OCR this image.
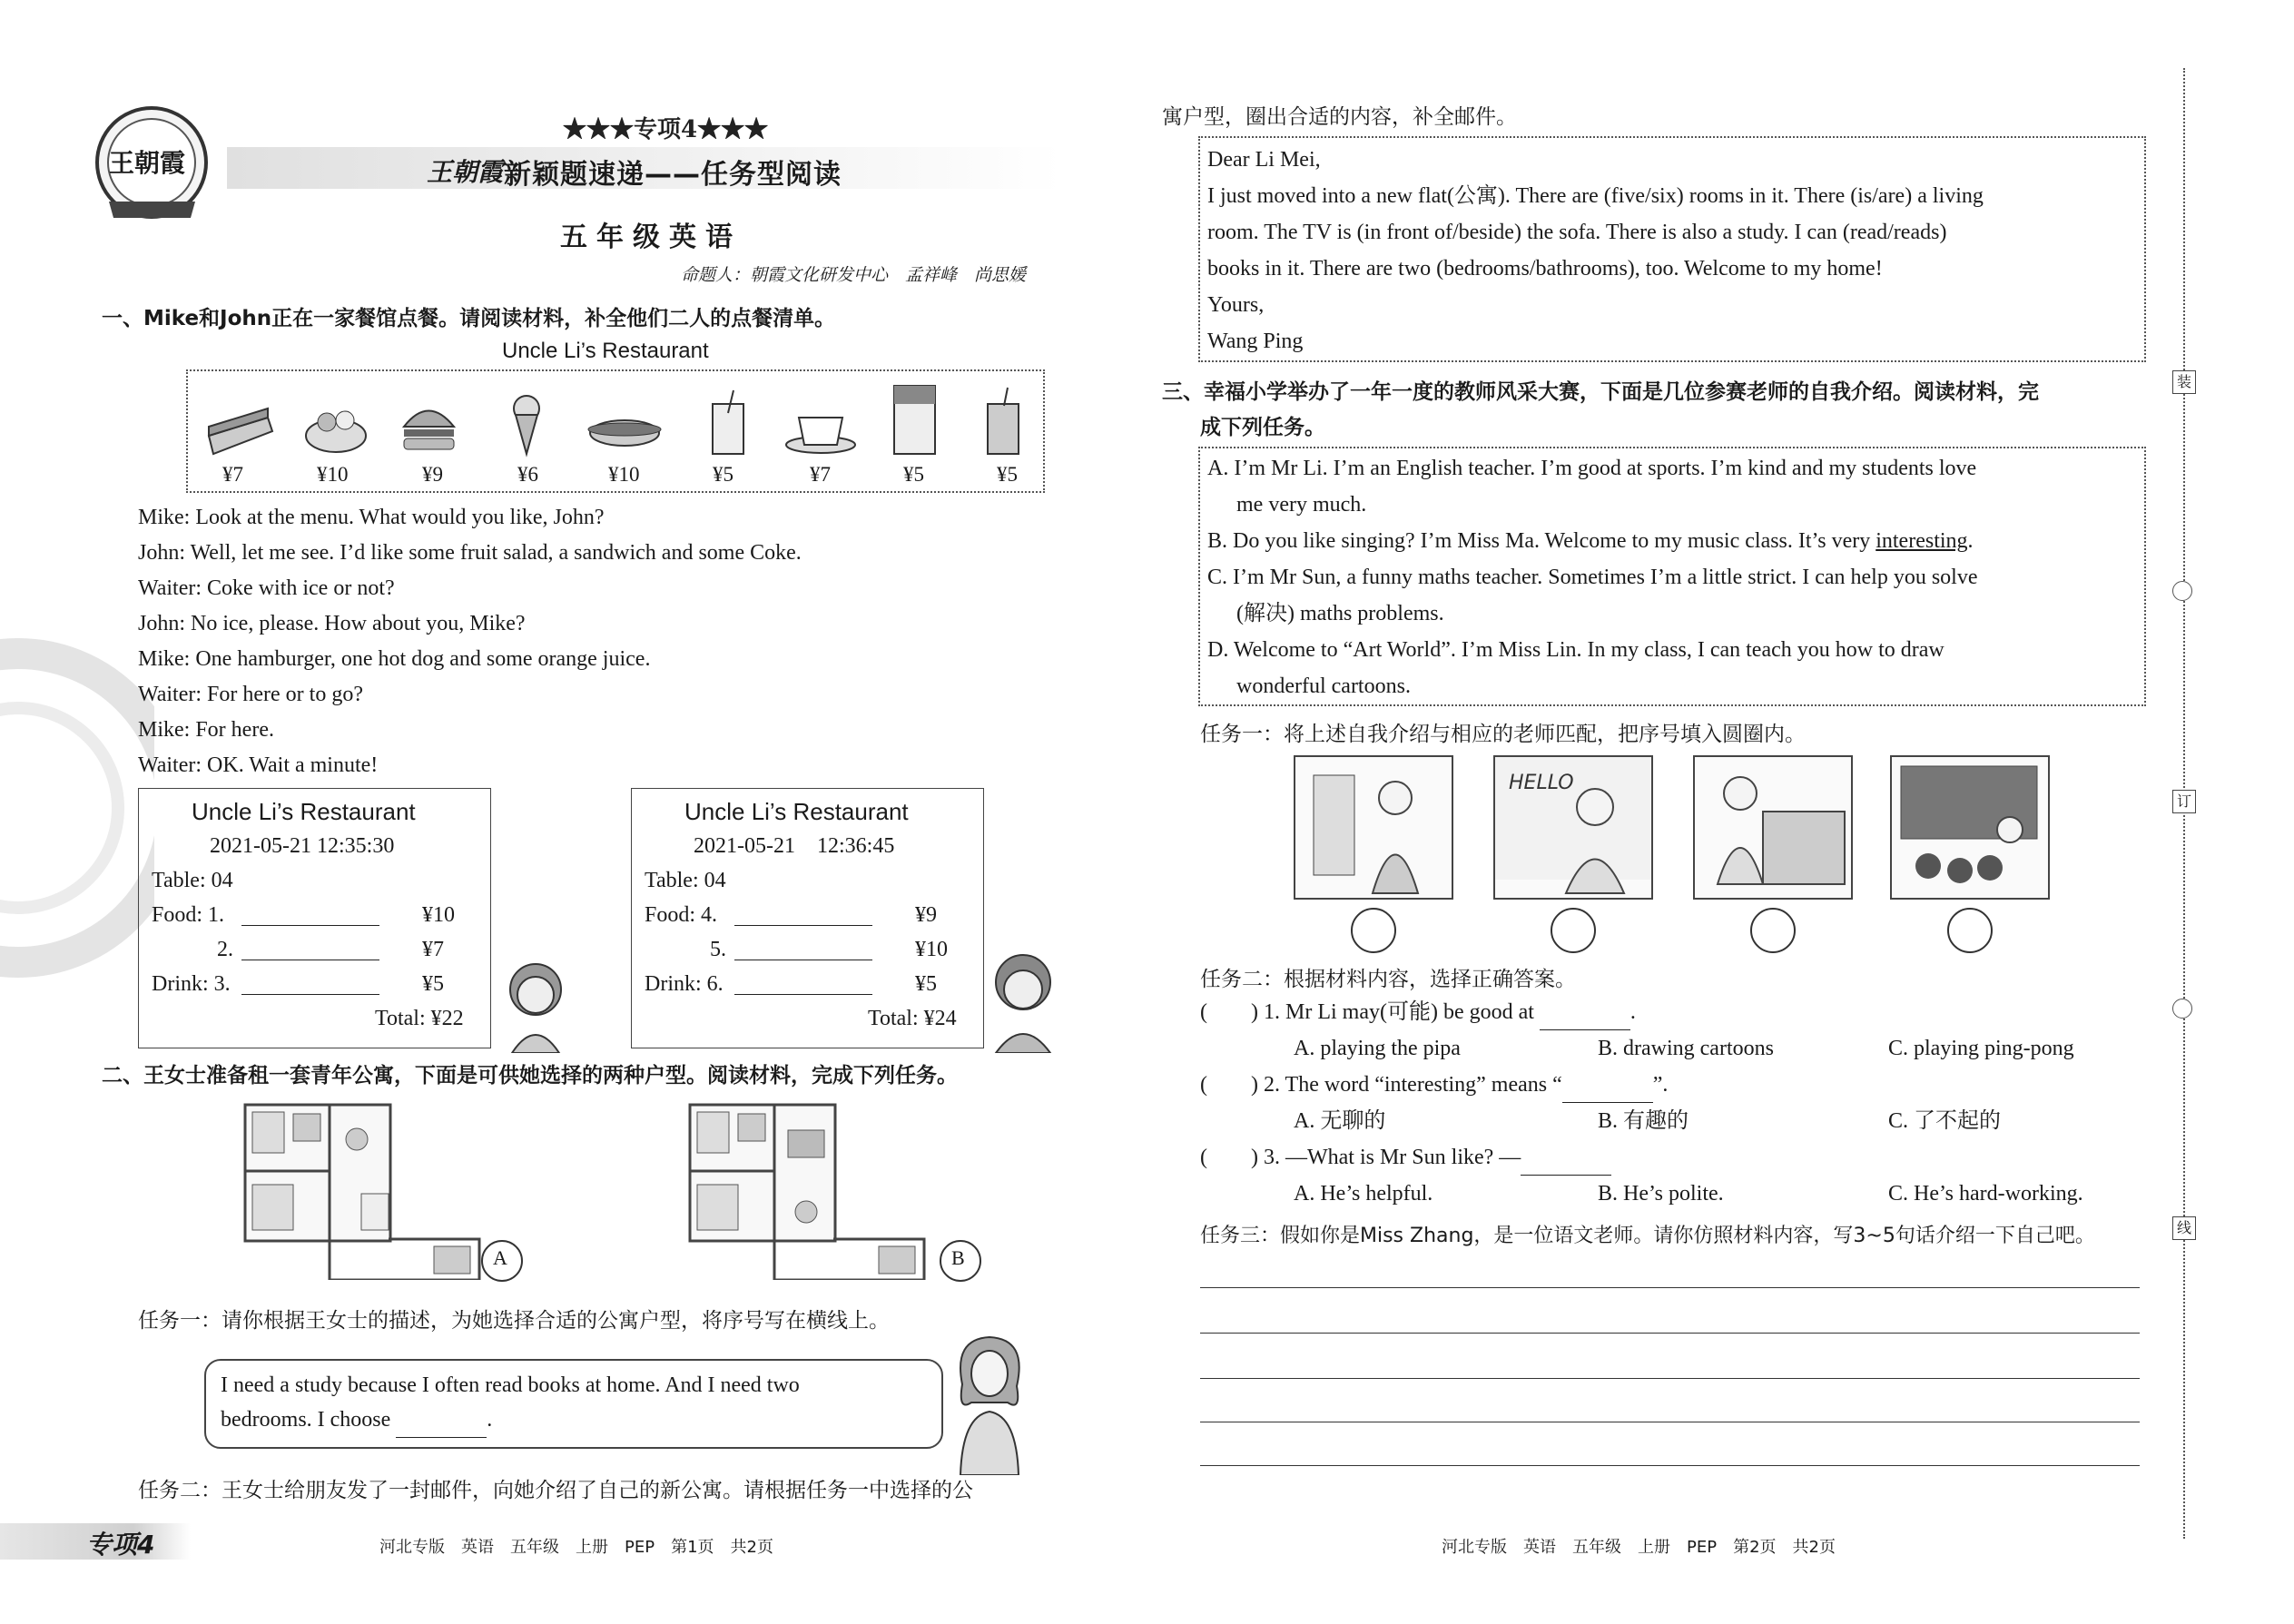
王朝霞
★★★专项4★★★
王朝霞 新颖题速递——任务型阅读
五年级英语
命题人：朝霞文化研发中心　孟祥峰　尚思媛
一、Mike和John正在一家餐馆点餐。请阅读材料，补全他们二人的点餐清单。
Uncle Li’s Restaurant
¥7	¥10	¥9	¥6	¥10	¥5	¥7	¥5	¥5
Mike: Look at the menu. What would you like, John?
John: Well, let me see. I’d like some fruit salad, a sandwich and some Coke.
Waiter: Coke with ice or not?
John: No ice, please. How about you, Mike?
Mike: One hamburger, one hot dog and some orange juice.
Waiter: For here or to go?
Mike: For here.
Waiter: OK. Wait a minute!
Uncle Li’s Restaurant
2021-05-21 12:35:30
Table: 04
Food: 1.	¥10
2.	¥7
Drink: 3.	¥5
Total: ¥22
Uncle Li’s Restaurant
2021-05-21　12:36:45
Table: 04
Food: 4.	¥9
5.	¥10
Drink: 6.	¥5
Total: ¥24
二、王女士准备租一套青年公寓，下面是可供她选择的两种户型。阅读材料，完成下列任务。
A	B
任务一：请你根据王女士的描述，为她选择合适的公寓户型，将序号写在横线上。
I need a study because I often read books at home. And I need two
bedrooms. I choose	.
任务二：王女士给朋友发了一封邮件，向她介绍了自己的新公寓。请根据任务一中选择的公
专项4	河北专版　英语　五年级　上册　PEP　第1页　共2页
寓户型，圈出合适的内容，补全邮件。
Dear Li Mei,
I just moved into a new flat(公寓). There are (five/six) rooms in it. There (is/are) a living
room. The TV is (in front of/beside) the sofa. There is also a study. I can (read/reads)
books in it. There are two (bedrooms/bathrooms), too. Welcome to my home!
Yours,
Wang Ping
三、幸福小学举办了一年一度的教师风采大赛，下面是几位参赛老师的自我介绍。阅读材料，完
成下列任务。
A. I’m Mr Li. I’m an English teacher. I’m good at sports. I’m kind and my students love
me very much.
B. Do you like singing? I’m Miss Ma. Welcome to my music class. It’s very interesting.
C. I’m Mr Sun, a funny maths teacher. Sometimes I’m a little strict. I can help you solve
(解决) maths problems.
D. Welcome to “Art World”. I’m Miss Lin. In my class, I can teach you how to draw
wonderful cartoons.
任务一：将上述自我介绍与相应的老师匹配，把序号填入圆圈内。
HELLO
任务二：根据材料内容，选择正确答案。
(　　) 1. Mr Li may(可能) be good at	.
A. playing the pipa	B. drawing cartoons	C. playing ping-pong
(　　) 2. The word “interesting” means “	”.
A. 无聊的	B. 有趣的	C. 了不起的
(　　) 3. —What is Mr Sun like? —
A. He’s helpful.	B. He’s polite.	C. He’s hard-working.
任务三：假如你是Miss Zhang，是一位语文老师。请你仿照材料内容，写3~5句话介绍一下自己吧。
河北专版　英语　五年级　上册　PEP　第2页　共2页
装
订
线
